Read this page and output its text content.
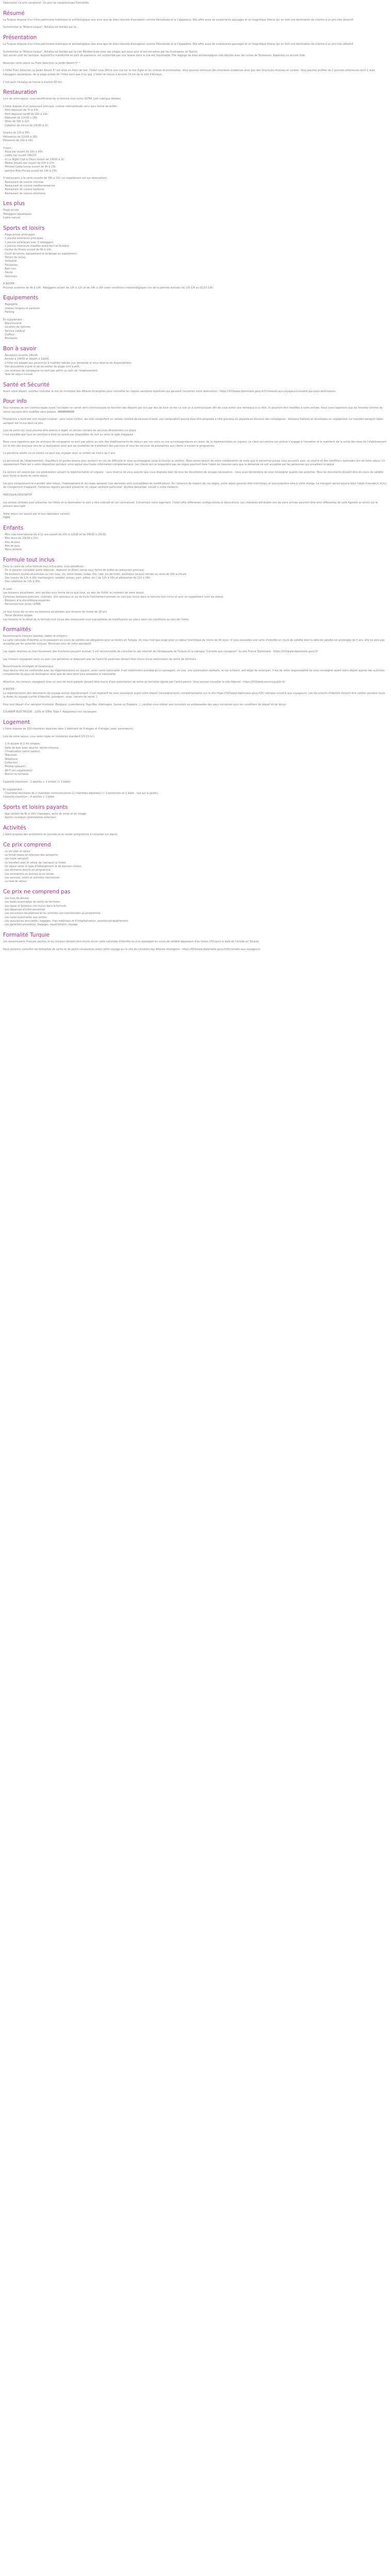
Description Ce prix comprend : Ce prix ne comprend pas Formalités

Résumé

La Turquie dispose d'un riche patrimoine historique et archéologique rare ainsi que de sites naturels d'exception comme Pamukkale et la Cappadoce. Elle offre aussi de surprenants paysages et un magnifique littoral qui en font une destination de charme à un prix très attractif.

Surnommée la "Riviera turque", Antalya est bordée par la...

Présentation

La Turquie dispose d'un riche patrimoine historique et archéologique rare ainsi que de sites naturels d'exception comme Pamukkale et la Cappadoce. Elle offre aussi de surprenants paysages et un magnifique littoral qui en font une destination de charme à un prix très attractif.

Surnommée la "Riviera turque", Antalya est bordée par la mer Méditerranée avec ses plages aux eaux azur et est encadrée par les montagnes du Taurus.
Son ancien port de l'antique, aujourd'hui transformé en port de plaisance, est surplombé par une falaise dans la vue est imprenable. Elle regorge de sites archéologiques très réputés avec les ruines de Termessos, Aspendos ou encore Side.

Réservez votre séjour au Fram Selection Le Jardin Resort 5* !

L'Hôtel Fram Sélection Le Jardin Resort 5* est situé en front de mer. l'hôtel vous offrira une vue sur la mer Egée et les collines environnantes. Vous pourrez retrouver des chambres modernes ainsi que des structures diverses et variées. Vous pourrez profiter de 2 piscines extérieures dont 1 avec toboggans aquatiques, de la plage privée de l'hôtel ainsi que d'un spa. L'hôtel se trouve à environ 15 km de la ville d'Antalya.

C'est parti l'Antalya se trouve à environ 60 km.

Restauration

Lors de votre séjour, vous bénéficierez de la formule tout inclus ULTRA (voir rubrique dédiée).

L'hôtel dispose d'un restaurant principal, cuisine internationale servi sous forme de buffet :
- Petit déjeuner de 7h à 10h.
- Petit déjeuner tardif de 10h à 11h.
- Déjeuner de 12h30 à 14h.
- Dîner de 19h à 21h.
- Collation de minuit de 23h30 à 1h.

Snacks de 12h à 16h.
Pâtisseries de 11h00 à 16h.
Pâtisserie de 11h à 16h.

4 bars :
- Pizza bar ouvert de 10h à 00h.
- Lobby bar ouvert 24h/24.
- Ici Le Night Club & Disco ouvert de 23h00 à 2h.
- Melisa Snacks bar ouvert de 10h à 17h.
- Mimosa Coiba house ouvert de 9h à 23h.
- Jasmine Beer House ouvert de 14h à 23h.

4 restaurants à la carte ouverts de 19h à 21h (un supplément est sur réservation) :
- Restaurant de cuisine chinoise.
- Restaurant de cuisine méditerranéenne.
- Restaurant de cuisine italienne.
- Restaurant de cuisine ottomane.

Les plus

Plage privée
Toboggans aquatiques
Cadre naturel

Sports et loisirs

- Plage privée aménagée.
- 1 piscine extérieure principale.
- 1 piscine extérieure avec 3 toboggans.
- 1 piscine intérieure chauffée entre Avril et Octobre.
- Centre de fitness ouvert de 8h à 19h.
- Court de tennis, équipement et éclairage en supplément.
- Terrain de volley.
- Volleyball
- Fléchettes
- Bain turc
- Sauna
- Hammam

A NOTER :
Piscines ouvertes de 9h à 19h. Toboggans ouvert de 10h à 12h et de 14h à 16h selon conditions météorologiques lors de la période estivale (du 1/5-1/6 au 31/10-1/6).

Equipements

- Bagagerie
- chaises longues et parasols
- Parking

En supplément :
- Blanchisserie
- Location de voitures
- Service médical
- Coiffeur
- Boutiques

Bon à savoir

- Réception ouverte 24h/24.
- Arrivée à 14h00 et départ à 12h00.
- L'hôtel est adapté aux personnes à mobilité réduite (sur demande et sous réserve de disponibilités).
- Des poussettes à prêt et de serviettes de plage sont à prêt.
- Les animaux de compagnie ne sont pas admis au sein de l'établissement.
- Taxe de séjour incluse.

Santé et Sécurité

Avant votre départ, veuillez consulter le site du ministère des Affaires étrangères pour connaître les risques sanitaires éventuels qui peuvent concerner votre destination : https://XXXwww.diplomatie.gouv.fr/fr/conseils-aux-voyageurs/conseils-par-pays-destination/

Pour info

Tous horaires de soir communiqués avant l'accepter ce carnet sont communiqués en fonction des départs par (ici) par lieu de loisir et non ce soit un à communiquer afin de vous éviter une remarque à ce titre, ils pourront être modifiés à votre arrivée. Nous vous rappelons que les horaires comme de retour peuvent être modifiés sans préavis.

Prestations à bord des vols moyen-courrier : pour votre confort, les vols comportent un certain nombre de services à bord, une restauration pourra vous être proposée à titre gracieux ou payante en fonction des compagnies ; boissons fraîches et alcoolisées en supplément. Le transfert aéroport-hôtel-aéroport est inclus dans ce prix.

Lors de votre vol, vous pourrez être amené à régler un certain nombre de services directement sur place.
Il est possible que tous les services à bord ne soient pas disponibles de nuit ou selon le type d'appareil.

Nous vous rappelons que les animaux de compagnie ne sont pas admis au sein des établissements de séjours par nos soins ou nos accompagnateurs en raison de la réglementation en vigueur. Le client qui amène son animal s'engage à l'encadrer et le maintenir de la sortie des aires de l'établissement sur le site des animaux lors de la réservation ainsi que les modalités de traitement des parcours et tous les services de prestations aux clients à travers le programme.

La personne adulte ou un parent ne peut pas voyager avec un enfant de moins de 3 ans.

Le personnel de l'établissement, chauffeurs et guides pourra vous soutenir en cas de difficulté et vous accompagner jusqu'à trouver la solution. Nous avons besoin de votre collaboration de sorte que le personnel puisse vous accueillir avec un sourire et des conditions optimales lors de votre séjour. Un représentant Fram est à votre disposition pendant votre séjour pour toute information complémentaire. Les clients qui ne respectent pas les règles pourront faire l'objet de mesures sans que la demande ne soit acceptée par les personnes qui encadrent le séjour.

Ce service est assuré par nos prestataires suivant la réglementation en vigueur : sous réserve de vous assurer que vous disposez bien de tous les documents de voyage nécessaires ; nous vous demandons de vous renseigner auprès des autorités. Tous les documents doivent être en cours de validité pour toute la durée de votre séjour.

Les prix comprennent le transfert aller-retour, l'hébergement et les taxes aéroport (ces dernières sont susceptibles de modification). En l'absence de respect de ces règles, votre séjour pourrait être interrompu et tout préjudice sera à votre charge. Le transport aérien pourra faire l'objet d'escale(s) et/ou de changement d'appareil. Certaines régions peuvent présenter un risque sanitaire particulier. Veuillez demander conseil à votre médecin.

PRÉCISION DESCRIPTIF

Les photos utilisées pour présenter les hôtels et la destination le sont à titre indicatif et non contractuel. Concernant votre logement, l'hôtel offre différentes configurations et décorations. Les chambres attribuées lors de votre arrivée pourront être ainsi différentes de celle figurant en photo sur le présent descriptif.

Votre séjour est assuré par le tour-opérateur suivant :
FRAM

Enfants

- Mini club international de 4-12 ans ouvert de 10h à 12h30 et de 14h30 à 16h30.
- Mini disco de 20h30 à 21h.
- Aire de jeux.
- Aire de jeux
- Menu enfants

Formule tout inclus

Dans le cadre de votre formule tout inclus plus, vous bénéficiez :
- De la pension complète (petit-déjeuner, déjeuner et dîner) servie sous forme de buffet au restaurant principal.
- De boissons locales alcoolisées ou non (eau, vin, bière locale, sodas, thé, café, jus de fruits, spiritueux locaux) servies au verre de 10h à minuit.
- Des snacks de 12h à 16h (hamburgers, salades, pizzas, pain, pâtes, etc.) de 12h à 16h et pâtisseries de 11h à 16h.
- Des collations de 23h à 00h.

A noter :
Les boissons alcoolisées, sont servies sous forme de ce que vous, au sein de l'hôtel au moment de votre séjour.
Certaines boissons premium, cocktails, vins spéciaux et jus de fruits fraîchement pressés ne sont pas inclus dans la formule tout inclus et sont en supplément (voir sur place).
- Boissons à la discothèque payantes.
- Personnes tout inclus ULTRA.

Le tout inclus de ce sera les boissons alcoolisées aux mineurs de moins de 18 ans.
- Tenue décente exigée.
Les horaires et le détail de la formule tout inclus des restaurants sont susceptibles de modification sur place selon les conditions au sein de l'hôtel.

Formalités

Ressortissants français (adultes, bébés et enfants) :
La carte nationale d'identité ou le passeport en cours de validité est obligatoire pour se rendre en Turquie. Un visa n'est pas exigé pour un séjour touristique de moins de 90 jours. Si vous possédez une carte d'identité en cours de validité dont la date de validité est prolongée de 5 ans, elle ne sera pas acceptée par les autorités turques. Munissez-vous de votre passeport.

Les règles relatives au franchissement des frontières peuvent évoluer. Il est recommandé de consulter le site internet de l'Ambassade de Turquie et la rubrique "Conseils aux voyageurs" du site France Diplomatie : https://XXXwww.diplomatie.gouv.fr/

Les mineurs voyageant seuls ou avec une personne ne disposant pas de l'autorité parentale doivent être munis d'une autorisation de sortie de territoire.

Ressortissants étrangers et binationaux :
Vous devrez être en conformité avec les réglementations en vigueur, selon votre nationalité. Il est notamment possible qu'un passeport, un visa, une autorisation sanitaire, le cas échéant, soit exigé de votre part. Il est de votre responsabilité de vous renseigner avant votre départ auprès des autorités compétentes du pays de destination ainsi que de celui dont vous possédez la nationalité.

Attention, les mineurs voyageant avec un seul de leurs parents doivent être munis d'une autorisation de sortie du territoire signée par l'autre parent. Vous pouvez consulter le site internet : https://XXXwww.service-public.fr/

A NOTER :
La réglementation des documents de voyage évolue régulièrement. Il est impératif de vous renseigner avant votre départ (renseignements complémentaires sur le site https://XXXwww.diplomatie.gouv.fr/fr/ rubrique conseils aux voyageurs). Les documents d'identité doivent être valides pendant toute la durée du voyage (cartes d'identité, passeport, visas, carnets de santé..).

Pour tout départ d'un aéroport frontalier (Belgique, Luxembourg, Pays-Bas, Allemagne, Suisse ou Espagne...), veuillez vous référer aux consulats ou ambassades des pays concernés pour les conditions de départ et de retour.

COURANT ÉLECTRIQUE : 220V et 50Hz. Type F. Adaptateur non nécessaire.

Logement

L'hôtel dispose de 320 chambres réparties dans 1 bâtiment de 6 étages et 4 étages (avec ascenseurs).

Lors de votre séjour, vous serez logés en chambres standard (20-23 m²).

- 1 lit double et 2 lits simples.
- Salle de bain avec douche, sèche-cheveux.
- Climatisation (selon saison).
- Télévision
- Téléphone
- Coffre-fort
- Minibar (payant)
- Wi-Fi (en supplément)
- Balcon ou terrasse.

Capacité maximum : 2 adultes + 1 enfant (+ 1 bébé).

En supplément :
- Chambres familiales de 2 chambres communicantes (2 chambres séparées) (+ 3 personnes et 1 bébé ; vue sur le jardin).
Capacité maximum : 4 adultes + 1 bébé.

Sports et loisirs payants

- Spa (ouvert de 8h à 19h) massages, soins du corps et du visage.
- Sports nautiques (prestataires externes).

Activités

L'hôtel propose des animations en journée et en soirée (programme à consulter sur place).

Ce prix comprend

- Le vol aller et retour.
- Le forfait bases et retenues des aéroports.
- Les taxes aéroport.
- Le transfert aller et retour de l'aéroport à l'hôtel.
- Un séjour selon le type d'hébergement et de pension choisis.
- Les éléments décrits en programme.
- Les animations en journée et en soirée.
- Les services, loisirs et activités mentionnés.
- La taxe de séjour.

Ce prix ne comprend pas

- Les frais de dossier.
- Les taxes éventuelles de sortie de territoire.
- Les repas et boissons non inclus dans la formule.
- Les dépenses d'ordre personnel.
- Les excursions facultatives et les activités non mentionnées au programme.
- Les taxes éventuelles aux sorties.
- Les assurances annulation, bagages, frais médicaux et d'hospitalisation, assistance/rapatriement.
- Les garanties annulation, bagages, rapatriement, voyage.

Formalité Turquie

Les ressortissants français adultes et les mineurs doivent être munis d'une carte nationale d'identité ou d'un passeport en cours de validité dépassant d'au moins 150 jours la date de l'entrée en Turquie.

Nous pouvons consulter les formalités de sortie et de police nécessaires avant votre voyage sur le site du ministère des Affaires étrangères : https://XXXwww.diplomatie.gouv.fr/fr/conseils-aux-voyageurs/
